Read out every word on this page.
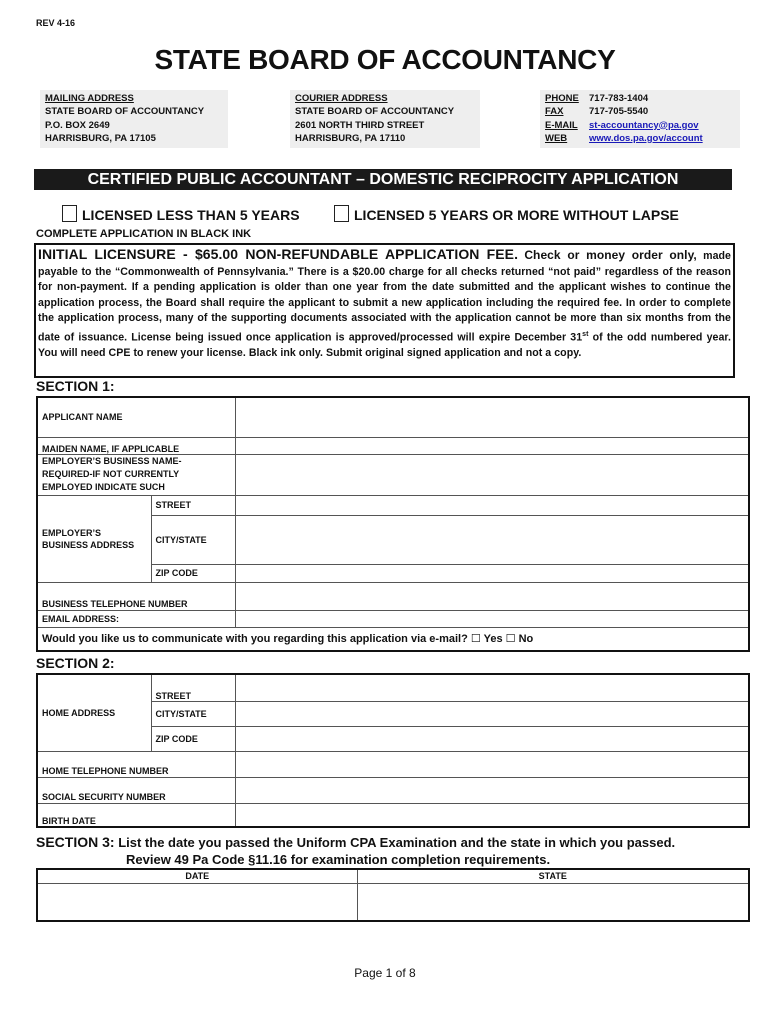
REV 4-16
STATE BOARD OF ACCOUNTANCY
MAILING ADDRESS
STATE BOARD OF ACCOUNTANCY
P.O. BOX 2649
HARRISBURG, PA 17105
COURIER ADDRESS
STATE BOARD OF ACCOUNTANCY
2601 NORTH THIRD STREET
HARRISBURG, PA 17110
PHONE 717-783-1404
FAX	717-705-5540
E-MAIL st-accountancy@pa.gov
WEB www.dos.pa.gov/account
CERTIFIED PUBLIC ACCOUNTANT – DOMESTIC RECIPROCITY APPLICATION
LICENSED LESS THAN 5 YEARS	LICENSED 5 YEARS OR MORE WITHOUT LAPSE
COMPLETE APPLICATION IN BLACK INK
INITIAL LICENSURE - $65.00 NON-REFUNDABLE APPLICATION FEE. Check or money order only, made payable to the “Commonwealth of Pennsylvania.” There is a $20.00 charge for all checks returned “not paid” regardless of the reason for non-payment. If a pending application is older than one year from the date submitted and the applicant wishes to continue the application process, the Board shall require the applicant to submit a new application including the required fee. In order to complete the application process, many of the supporting documents associated with the application cannot be more than six months from the date of issuance. License being issued once application is approved/processed will expire December 31st of the odd numbered year. You will need CPE to renew your license. Black ink only. Submit original signed application and not a copy.
SECTION 1:
APPLICANT NAME		
MAIDEN NAME, IF APPLICABLE		
EMPLOYER’S BUSINESS NAME- REQUIRED-IF NOT CURRENTLY EMPLOYED INDICATE SUCH		
EMPLOYER’S BUSINESS ADDRESS	STREET	
	CITY/STATE	
	ZIP CODE	
BUSINESS TELEPHONE NUMBER		
EMAIL ADDRESS:		
Would you like us to communicate with you regarding this application via e-mail? ☐ Yes ☐ No		
SECTION 2:
HOME ADDRESS	STREET	
	CITY/STATE	
	ZIP CODE	
HOME TELEPHONE NUMBER		
SOCIAL SECURITY NUMBER		
BIRTH DATE		
SECTION 3: List the date you passed the Uniform CPA Examination and the state in which you passed.
Review 49 Pa Code §11.16 for examination completion requirements.
DATE	STATE

Page 1 of 8
